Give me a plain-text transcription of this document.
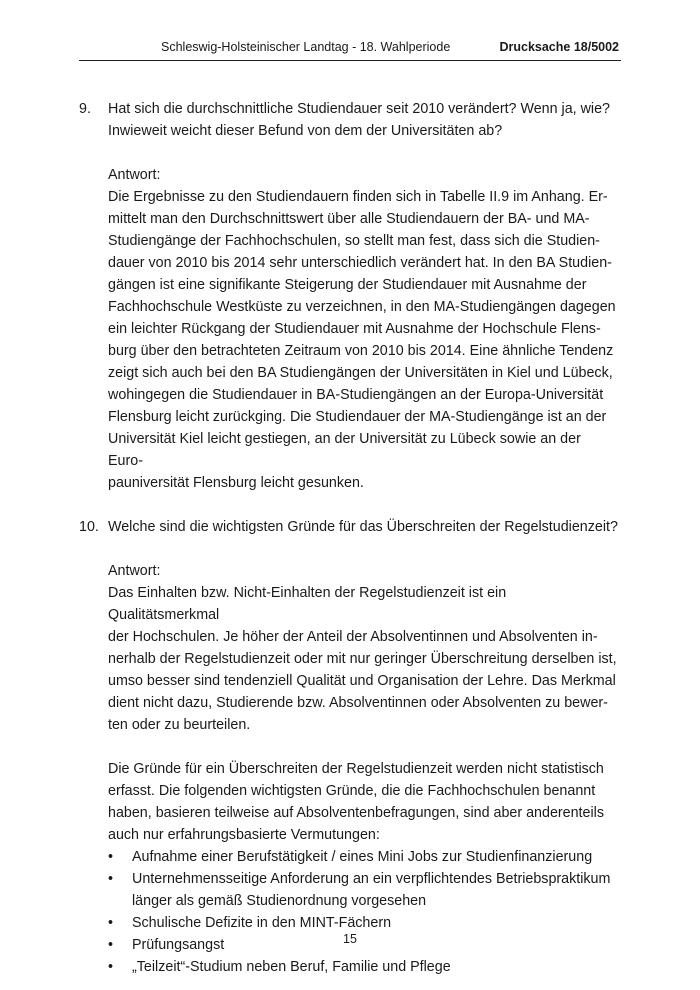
Schleswig-Holsteinischer Landtag - 18. Wahlperiode	Drucksache 18/5002
9. Hat sich die durchschnittliche Studiendauer seit 2010 verändert? Wenn ja, wie?
Inwieweit weicht dieser Befund von dem der Universitäten ab?
Antwort:
Die Ergebnisse zu den Studiendauern finden sich in Tabelle II.9 im Anhang. Er-
mittelt man den Durchschnittswert über alle Studiendauern der BA- und MA-
Studiengänge der Fachhochschulen, so stellt man fest, dass sich die Studien-
dauer von 2010 bis 2014 sehr unterschiedlich verändert hat. In den BA Studien-
gängen ist eine signifikante Steigerung der Studiendauer mit Ausnahme der
Fachhochschule Westküste zu verzeichnen, in den MA-Studiengängen dagegen
ein leichter Rückgang der Studiendauer mit Ausnahme der Hochschule Flens-
burg über den betrachteten Zeitraum von 2010 bis 2014. Eine ähnliche Tendenz
zeigt sich auch bei den BA Studiengängen der Universitäten in Kiel und Lübeck,
wohingegen die Studiendauer in BA-Studiengängen an der Europa-Universität
Flensburg leicht zurückging. Die Studiendauer der MA-Studiengänge ist an der
Universität Kiel leicht gestiegen, an der Universität zu Lübeck sowie an der Euro-
pauniversität Flensburg leicht gesunken.
10. Welche sind die wichtigsten Gründe für das Überschreiten der Regelstudienzeit?
Antwort:
Das Einhalten bzw. Nicht-Einhalten der Regelstudienzeit ist ein Qualitätsmerkmal
der Hochschulen. Je höher der Anteil der Absolventinnen und Absolventen in-
nerhalb der Regelstudienzeit oder mit nur geringer Überschreitung derselben ist,
umso besser sind tendenziell Qualität und Organisation der Lehre. Das Merkmal
dient nicht dazu, Studierende bzw. Absolventinnen oder Absolventen zu bewer-
ten oder zu beurteilen.
Die Gründe für ein Überschreiten der Regelstudienzeit werden nicht statistisch
erfasst. Die folgenden wichtigsten Gründe, die die Fachhochschulen benannt
haben, basieren teilweise auf Absolventenbefragungen, sind aber anderenteils
auch nur erfahrungsbasierte Vermutungen:
• Aufnahme einer Berufstätigkeit / eines Mini Jobs zur Studienfinanzierung
• Unternehmensseitige Anforderung an ein verpflichtendes Betriebspraktikum
länger als gemäß Studienordnung vorgesehen
• Schulische Defizite in den MINT-Fächern
• Prüfungsangst
• „Teilzeit“-Studium neben Beruf, Familie und Pflege
15
